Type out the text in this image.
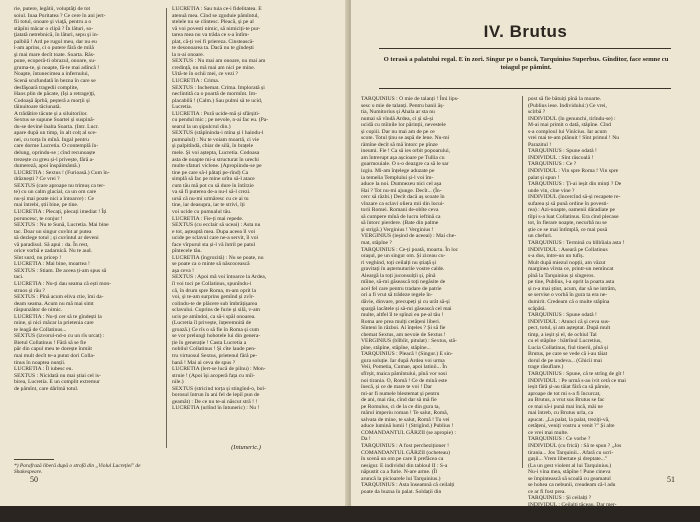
rie, putere, legătii, voluptăţi de tot

soiul. Inaa Puritatea ? Ce cere în ani jert-

fii totul, onoare şi viaţă, pentru a o

stăpîni măcar o clipă ? În lături, so-

ţiatată netrebnică, în lături, sepu şi in-

palbilă ! Ard pe rugul meu, dar nu eu

l-am aprins, ci o putere fără de milă

şi mai mare decît toate. Soarta. Răs-

pune, ecoperă-ti obrazul, onoare, su-

gruma-te, şi noapte, fă-te mai adîncă !

Noapte, întunecimea a infernului,

Scenă scufundată în bezna în care se

desfăşoară tragedii complite,

Haos plin de păcate, (Iși a retrage)ţi,

Codoașă ăprbă, peșteră a morții și

tăinuitoare tăciunată.

A trădătire tăcute și a siluitorilor.

Sextus se supune Soartei și suspină-

du-se deviné înalta Soarta. (Intr. Lucr.

apare după un timp, în alt colț al sce-

nei, cu torța în mînă. Ingal pentru

care dorme Lucretia. O contemplă în-

delung, oprindu-se ; cînd recunoaște

trezește cu greu și-l privește, fără a-

dumereză, apoi înspăimântă.)

LUCRETIA : Sextus ! (Furioasă.) Cum în-

drăznești ? Ce vrei ?

SEXTUS (care aproape nu trimuș ca ter-

te) cu un calm glacial, ca un om care

nu-și mai poate nici a întoarce) : Ce

mai întrebi, știi bine, pe tine.

LUCRETIA : Plecați, plecați imediat ! Îți

poruncesc, te conjur !

SEXTUS : Nu te Sună, Lucretia. Mai bine

tac. Doar un singur cuvînt ar putea

să dezlege totul ; și cuvîntul ar deveni

vă paradisul. Să apui : da. În rest,

orice vorbă e zadarnică. Nu te aud.

Sînt surd, nu pricep !

LUCRETIA : Mai bine, moartea !

SEXTUS : Stiam. De aceea ți-am spus să

taci.

LUCRETIA : Nu-ți dau seama că ești mon-

struos și rău ?

SEXTUS : Pînă acum eliva ctie, îmi da-

deam seama. Acum nu mă mai simt

răspunzător de nimic.

LUCRETIA : Nu-ți cer să te gîndești la

mine, și nici măcar la prietenia care

te leagă de Collatinus...

SEXTUS (izvorul-nd-o cu un rîs urcat) :

Bietul Collatinus ! Fără să se fie

păr din capul meu te dorește înmiit

mai mult decît te-a putut dori Colla-

tinus în noaptea nunții.

LUCRETIA : Îl iubesc eu.

SEXTUS : Nicidată nu mai știai cel is-

birea, Lucretia. E un complit extremur

de pămînt, care dărîmă totul.

LUCRETIA : Sau tuia ce-i fidelitatea. E

atenuă mea. Cînd se zguduie pămîntul,

stelele nu se clintesc. Pleacă, și pe al

vă voi povesti nimic, să nimiciți-te pur-

tarea mea nu va trăda ce s-a întîm-

plat, că-ți vei fi priereza. Cinstească-

te desonoarea ta. Dacă nu te gîndești

la n-ai onoare.

SEXTUS : Nu mai am onoare, nu mai am

credință, nu mă mai am nici pe mine.

Uită-te în ochii mei, ce vezi ?

LUCRETIA : Crima.

SEXTUS : Inchemat. Crima. Implorată și

neclintită ca o poartă de mormînt. Im-

placabilă ! (Calm.) Sau pulmi să te ucid,

Lucretia.

LUCRETIA : Pură ucide-mă și sfârșiti-

cu pendul mic ; pe nevole, n-ai fac eu. (Pa-

searul la un șipulcrul din.)

SEXTUS (stăpîninda-i mîna și l haindu-l

pumnalul) : Nu te voiam moartă, ci vie

și palpitîndă, chiar de silă, în brațele

mele. Și voi aștepta, Lucretia. Codoasa

asta de noapte mi-a structurat în urechi

multe sfaturi viclene. (Apropiindu-se pe

tine pe care să-l pătați pe-rînd) Ca

simplă să fac pe mine urîtu să-l atace

cum tău mă pot cu să dure în întîrzie

va să fi puterea de-a nu-l să-l crezi.

ursă că nu-mi urmăresc cu ce ai tu

tine, iar deasupra, iar te strivi, îți

voi ucide cu pumnalul tău.

LUCRETIA : Fie-ți mai repede.

SEXTUS (cu ecclair să uceai) : Asta nu

e tot, așteaptă mea. Dupa aceea îl voi

ucide pe sclavul care ne-a servit, îl voi

face vîrpurul sta și-l vă întril pe patul

pîntecele tău.

LUCRETIA (îngrozită) : Nu se poate, nu

se poate ca o minte să născocească

așa ceva !

SEXTUS : Apoi mă voi întoarce la Ardea,

îl voi toci pe Collatinus, spunîndu-i

că, în drum spre Roma, m-am oprit la

voi, și te-am surprins gemînd și zvîr-

colindu-te de plăcere sub îmbrățișarea

sclavului. Cuprins de furie și silă, v-am

ucis pe amîndoi, ca să-i spăl onoarea.

(Lucretia îl privește, înțeremnită de

groază.) Ce rîs o să fie în Roma și cum

se vor prelungi hohotele lui din genera-

ție în generație ! Casta Lucretia a

nobilul Collatinus ! Și cîte laude pen-

tru virtuosul Sextus, prietenul fără pe-

hană ! Mai ai ceva de spus ?

LUCRETIA (lert-se lucă de pilnu) : Mon-

struie ! (Apoi își acoperă fața cu mîi-

nile.)

SEXTUS (stricind torța și stingînd-o, bol-

borosul întrun în ani fel de lepiî pun de

geamăt) : De ce nu te-ai născut stră ! !

LUCRETIA (urlînd în întuneric) : Nu !

*) Parafrază liberă după o strofă din „Violul Lucreției" de Shakespeare.
(Intuneric.)
50
IV. Brutus
O terasă a palatului regal. E în zori. Singur pe o bancă, Tarquinius Superbus. Gînditor, face semne cu toiagul pe pămînt.

TARQUINIUS : O mie de talanți ! Îmi lips-

sesc o mie de talanți. Pentru banii ăș-

tia, Numitorius și Ahala ar sta nu

numai să vîndă Ardea, ci și să-și

ucidă cu mîinile lor părinții, nevestele

și copiii. Dar nu mai am de pe ce

scote. Totul ținu se aspă de lene. Nu-mi

rămîne decît să mă întorc pe pînze

ineumi. Fie ! Ca să ies orbit popoarului,

am întrerupt așa așcioare pe Tullia cu

guarmouiale. O s-o deazgre ca să le sar

izgiu. Mi-am înțelege aduzate pe

ia temelia Templului și-l voi îm-

aduce la noi. Dumnezeu nici cel așa

Hai ? Tot nu-mi ajunge. Decît... (În-

cerc să răzbi.) Decît dacă aș scoate în

vînzare ca sclavi oliera mii din locui-

torii Romei. Romani de-obîte ceva

să cumpere mînă de lucru ieftină ca

să întorc pierdere. (Bate din palme

și strigă.) Verginius ! Verginius !

VERGINIUS (ieșind de aceeai) : Mai che-

mat, stăpîne ?

TARQUINIUS : Ce-ți poată, moartu. În loc

oraşul, pe un singur om. Și ziceau cu-

ri veghind, toți ceilalți nu știață și

gravitați în așternuturile vostre calde.

Aleargă la toți juconsulții și, pînă

mîine, să-mi găsească toți negăsite de

acel fel care pentru tradare de patrie

ori a fi vrut să trădeze regele în-

dăvie, dinvare, precupeți și cu urât să-și

spargă lacătele și să-mi găsească cel mai

multe, altfel îl te spînzi eu pe-al tău !

Roma are prea mulți cetățeni liberi.

Sînteni în război. Ai înțeles ? Și să fie

chemat Sextus, am nevoie de Sextus !

VERGINIUS (bîlbîit, pitulat) : Sextus, stă-

pîne, stăpîne, stăpîne, stăpîne...

TARQUINIUS : Pleacă ! (Singur.) E sin-

gura soluție. Iar după Ardea voi urma

Veii, Pometia, Cumae, apoi latinii... În

sfîrșit, maica pămîntului, pînă vor sosi

noi tirania. O, Romă ! Ce de mină este

înecă, și ce de mare te voi ! Dar

mi-ar fi numele blestemat și pentru

de ani, mai rău, cînd dar să mă fie

pe Romulus, ci de la ce din gura ta,

mărul imperiu roman ! Te salut, Romă,

salvata de mine, te salut, Romă ! Tu vei

aduce lumină lumii ! (Strigînd.) Publius !

COMANDANTUL GĂRZII (se apropie) :

Da !

TARQUINIUS : A fost percheziționer !

COMANDANTUL GĂRZII (ocheteau)

în scenă un om pe care îl prefăcea ca

nesigur. E individul din tabloul II : S-a

năpustit ca a furie. N-are arme. (Îl

aruncă la picioarele lui Tarquinius.)

TARQUINIUS : Asta înseamnă că ceilalți

poate da buzna în palat. Soldații din

post să fie bătuiți pînă la moarte.

(Publius iese. Individului:) Ce vrei,

scîrbă ?

INDIVIDUL (în genunchi, tirîndu-se) :

M-ai mai primit o dată, stăpîne. Cînd

s-a comploul lui Vinîcius. Iar acum

vrei mai te-am plănuit ! Sînt primul ! Nu

Parazitul !

TARQUINIUS : Spune odată !

INDIVIDUL : Sînt răscoală !

TARQUINIUS : Ce ?

INDIVIDUL : Vin spre Roma ! Vin spre

palat și spun !

TARQUINIUS : Ți-ai ieșit din minți ? De

unde vin, cine vine ?

INDIVIDUL (încercînd să-și recapete re-

sufarea și să pună ordine în povesti-

rea) : Azi-noapte, oamenii dăradiate pe

tîlpi s-a luat Collatinus. Era cînd plecase

tot, în fierare noapte, necurbă nu se

știe ce se mai întîmplă, ce mai pusă

un chefuri.

TARQUINIUS : Termină cu bîlbîiala asta !

INDIVIDUL : Aseară pe Collatinus

s-a dus, intre-un un tufiș.

Mult după miezul nopții, am văzut

marginea vîrsta ce, printr-un nemîncat

pînă la Tarquinius și sîngeros.

pe tine, Publius, l-a oprit la poarta asta

și n-a mai știut, acum, dar să ne intrăm,

se servise o vorbă în gura ta era ne-

dumirit. Credeam că o multe stăpîna

scăpătă.

TARQUINIUS : Spune odată !

INDIVIDUL : Atunci că și ceva sus-

pect, totul, și am așteptat. După mult

timp, a ieșit și el, de ochiul Tal

cu el stăpîne : bătrînul Lucretius,

Lucia Collatinus, fiul tinerii, pînă și

Brutus, pe care se vede că i-au tăiat

dorul de pe undeva... (Ghicii mai

trage răsuflare.)

TARQUINIUS : Spune, că te strîng de gît !

INDIVIDUL : Pe urmă s-au ivit cetă ce mai

ieșit fără și-au tăiat fără ca să păruie,

aproape de tot mi s-a fi încurcat,

au Brutus, a vrut sus Brutus se fac

ce mai să-i pună mai încă, măi ne

mai întreb, cu Brutus urla, ca

apucat. „La palat, la palat, treziți-vă,

cetățeni, veniți vostru a venit ?" Și alte

ce vrei mai multe.

TARQUINIUS : Ce vorbe ?

INDIVIDUL (cu frică) : Să te spun ? „Jos

tirania... Jos Tarquinii... Afară cu ucri-

gașii... Vrem libertate și dreptate..."

(La un gest violent al lui Tarquinius.)

Nu-i vina mea, stăpîne ! Pune cineva

se împintească să scoală cu geamatul

se hohea ca nebunii, creadeam că-l adu

ce ar fi fost prea.

TARQUINIUS : Și ceilalți ?

INDIVIDUL : Ceilalți tăceau. Dar mer-

geau în pas cadențat, purtînd-o pe

Lucretia. Și înarmați pînă și cu

51
